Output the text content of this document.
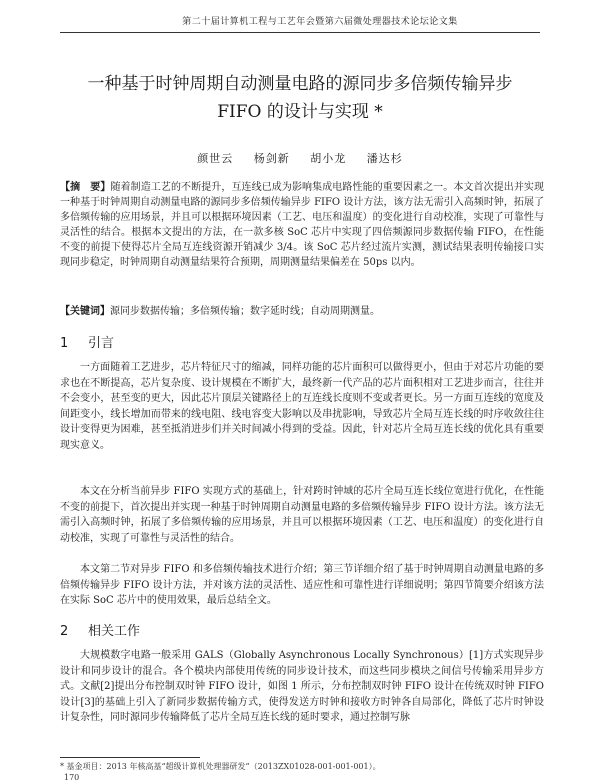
第二十届计算机工程与工艺年会暨第六届微处理器技术论坛论文集
一种基于时钟周期自动测量电路的源同步多倍频传输异步
FIFO 的设计与实现 *
颜世云 杨剑新 胡小龙 潘达杉
【摘　要】随着制造工艺的不断提升，互连线已成为影响集成电路性能的重要因素之一。本文首次提出并实现一种基于时钟周期自动测量电路的源同步多倍频传输异步 FIFO 设计方法，该方法无需引入高频时钟，拓展了多倍频传输的应用场景，并且可以根据环境因素（工艺、电压和温度）的变化进行自动校准，实现了可靠性与灵活性的结合。根据本文提出的方法，在一款多核 SoC 芯片中实现了四倍频源同步数据传输 FIFO，在性能不变的前提下使得芯片全局互连线资源开销减少 3/4。该 SoC 芯片经过流片实测，测试结果表明传输接口实现同步稳定，时钟周期自动测量结果符合预期，周期测量结果偏差在 50ps 以内。
【关键词】源同步数据传输；多倍频传输；数字延时线；自动周期测量。
1 引言
一方面随着工艺进步，芯片特征尺寸的缩减，同样功能的芯片面积可以做得更小，但由于对芯片功能的要求也在不断提高，芯片复杂度、设计规模在不断扩大，最终新一代产品的芯片面积相对工艺进步而言，往往并不会变小，甚至变的更大，因此芯片顶层关键路径上的互连线长度则不变或者更长。另一方面互连线的宽度及间距变小，线长增加而带来的线电阻、线电容变大影响以及串扰影响，导致芯片全局互连长线的时序收敛往往设计变得更为困难，甚至抵消进步们并关时间减小得到的受益。因此，针对芯片全局互连长线的优化具有重要现实意义。
本文在分析当前异步 FIFO 实现方式的基础上，针对跨时钟域的芯片全局互连长线位宽进行优化，在性能不变的前提下，首次提出并实现一种基于时钟周期自动测量电路的多倍频传输异步 FIFO 设计方法。该方法无需引入高频时钟，拓展了多倍频传输的应用场景，并且可以根据环境因素（工艺、电压和温度）的变化进行自动校准，实现了可靠性与灵活性的结合。
本文第二节对异步 FIFO 和多倍频传输技术进行介绍；第三节详细介绍了基于时钟周期自动测量电路的多倍频传输异步 FIFO 设计方法，并对该方法的灵活性、适应性和可靠性进行详细说明；第四节简要介绍该方法在实际 SoC 芯片中的使用效果，最后总结全文。
2 相关工作
大规模数字电路一般采用 GALS（Globally Asynchronous Locally Synchronous）[1]方式实现异步设计和同步设计的混合。各个模块内部使用传统的同步设计技术，而这些同步模块之间信号传输采用异步方式。文献[2]提出分布控制双时钟 FIFO 设计，如图 1 所示，分布控制双时钟 FIFO 设计在传统双时钟 FIFO 设计[3]的基础上引入了新同步数据传输方式，使得发送方时钟和接收方时钟各自局部化，降低了芯片时钟设计复杂性，同时源同步传输降低了芯片全局互连长线的延时要求，通过控制写脉
* 基金项目：2013 年核高基“超级计算机处理器研发”（2013ZX01028-001-001-001）。
170
